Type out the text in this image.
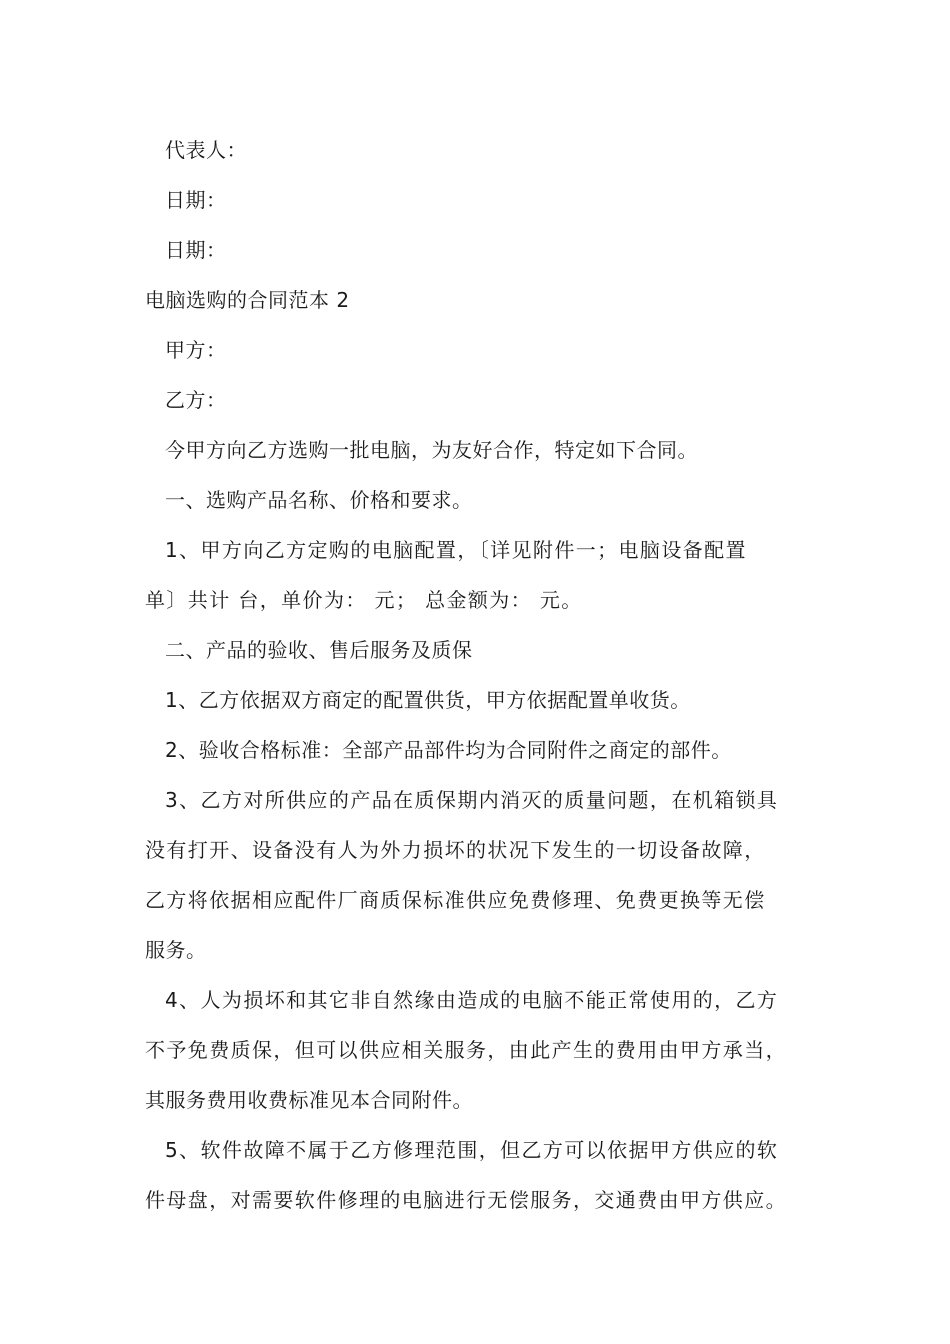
代表人：
日期：
日期：
电脑选购的合同范本 2
甲方：
乙方：
今甲方向乙方选购一批电脑，为友好合作，特定如下合同。
一、选购产品名称、价格和要求。
1、甲方向乙方定购的电脑配置，〔详见附件一；电脑设备配置
单〕共计 台，单价为： 元； 总金额为： 元。
二、产品的验收、售后服务及质保
1、乙方依据双方商定的配置供货，甲方依据配置单收货。
2、验收合格标准：全部产品部件均为合同附件之商定的部件。
3、乙方对所供应的产品在质保期内消灭的质量问题，在机箱锁具
没有打开、设备没有人为外力损坏的状况下发生的一切设备故障，
乙方将依据相应配件厂商质保标准供应免费修理、免费更换等无偿
服务。
4、人为损坏和其它非自然缘由造成的电脑不能正常使用的，乙方
不予免费质保，但可以供应相关服务，由此产生的费用由甲方承当，
其服务费用收费标准见本合同附件。
5、软件故障不属于乙方修理范围，但乙方可以依据甲方供应的软
件母盘，对需要软件修理的电脑进行无偿服务，交通费由甲方供应。
